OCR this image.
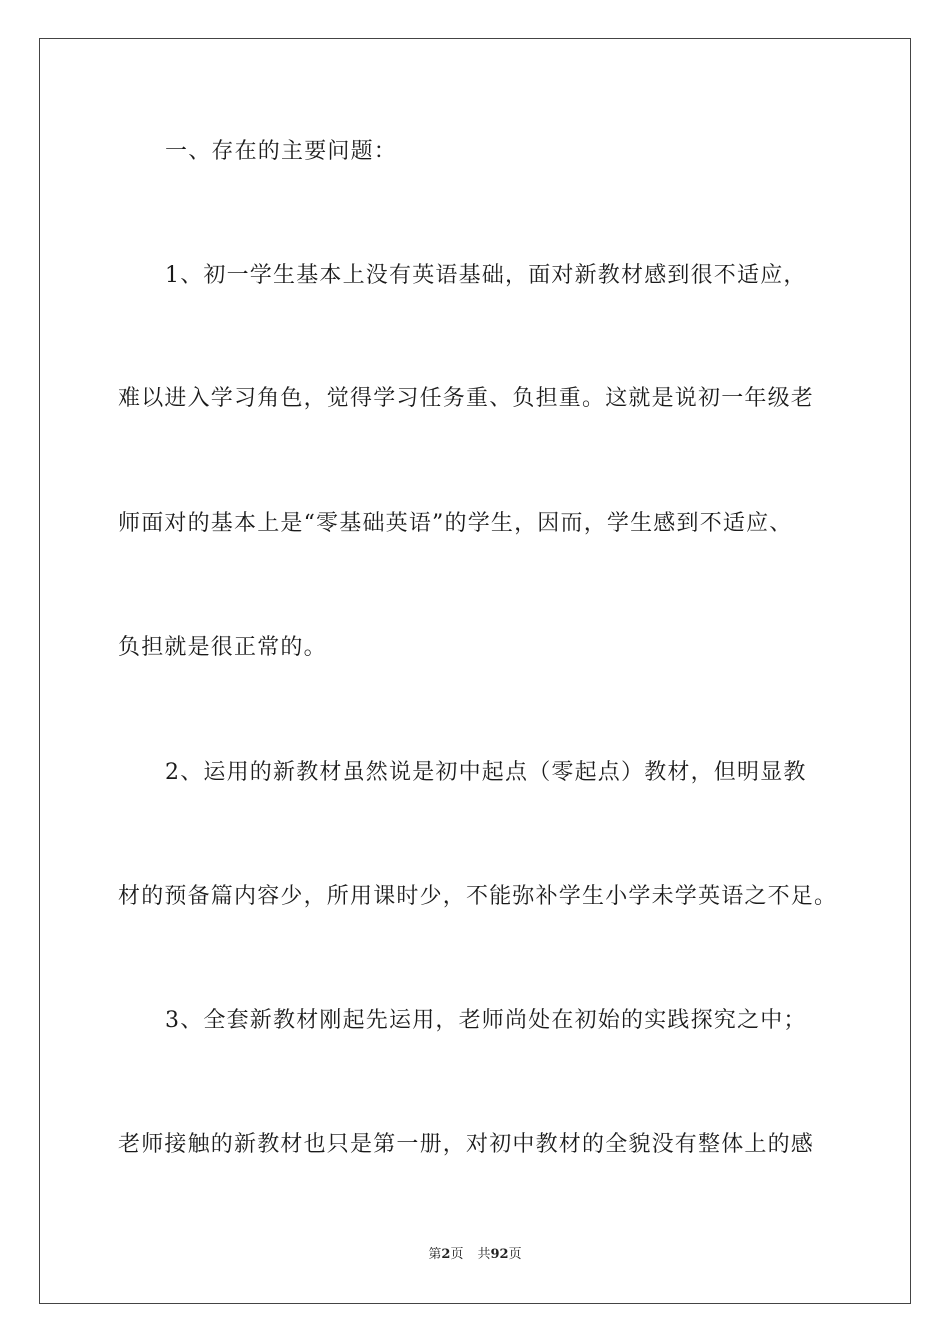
一、存在的主要问题：
1、初一学生基本上没有英语基础，面对新教材感到很不适应，
难以进入学习角色，觉得学习任务重、负担重。这就是说初一年级老
师面对的基本上是“零基础英语”的学生，因而，学生感到不适应、
负担就是很正常的。
2、运用的新教材虽然说是初中起点（零起点）教材，但明显教
材的预备篇内容少，所用课时少，不能弥补学生小学未学英语之不足。
3、全套新教材刚起先运用，老师尚处在初始的实践探究之中；
老师接触的新教材也只是第一册，对初中教材的全貌没有整体上的感
第2页 共92页
